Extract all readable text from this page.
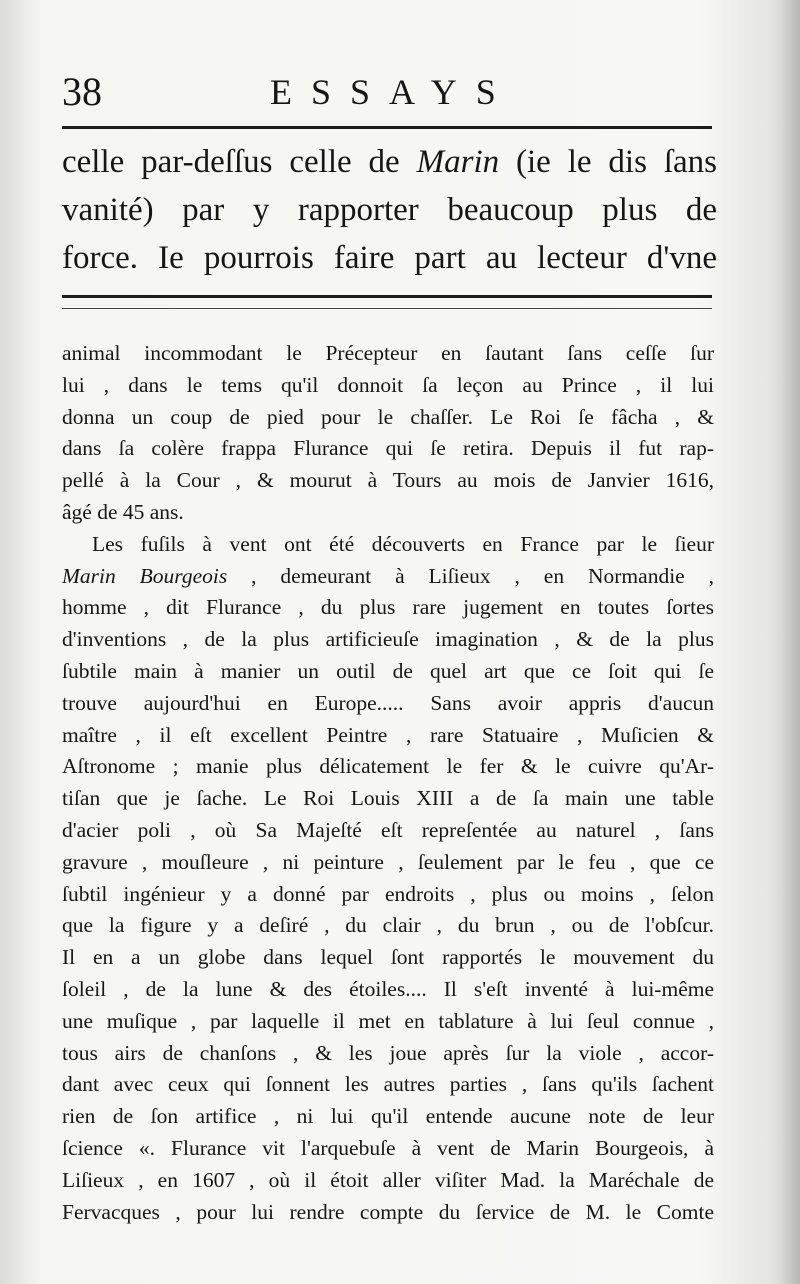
38	ESSAYS
celle par-deſſus celle de Marin (ie le dis ſans
vanité) par y rapporter beaucoup plus de
force. Ie pourrois faire part au lecteur d'vne
animal incommodant le Précepteur en ſautant ſans ceſſe ſur
lui , dans le tems qu'il donnoit ſa leçon au Prince , il lui
donna un coup de pied pour le chaſſer. Le Roi ſe fâcha , &
dans ſa colère frappa Flurance qui ſe retira. Depuis il fut rap-
pellé à la Cour , & mourut à Tours au mois de Janvier 1616,
âgé de 45 ans.
Les fuſils à vent ont été découverts en France par le ſieur
Marin Bourgeois , demeurant à Liſieux , en Normandie ,
homme , dit Flurance , du plus rare jugement en toutes ſortes
d'inventions , de la plus artificieuſe imagination , & de la plus
ſubtile main à manier un outil de quel art que ce ſoit qui ſe
trouve aujourd'hui en Europe..... Sans avoir appris d'aucun
maître , il eſt excellent Peintre , rare Statuaire , Muſicien &
Aſtronome ; manie plus délicatement le fer & le cuivre qu'Ar-
tiſan que je ſache. Le Roi Louis XIII a de ſa main une table
d'acier poli , où Sa Majeſté eſt repreſentée au naturel , ſans
gravure , mouſleure , ni peinture , ſeulement par le feu , que ce
ſubtil ingénieur y a donné par endroits , plus ou moins , ſelon
que la figure y a deſiré , du clair , du brun , ou de l'obſcur.
Il en a un globe dans lequel ſont rapportés le mouvement du
ſoleil , de la lune & des étoiles.... Il s'eſt inventé à lui-même
une muſique , par laquelle il met en tablature à lui ſeul connue ,
tous airs de chanſons , & les joue après ſur la viole , accor-
dant avec ceux qui ſonnent les autres parties , ſans qu'ils ſachent
rien de ſon artifice , ni lui qu'il entende aucune note de leur
ſcience «. Flurance vit l'arquebuſe à vent de Marin Bourgeois, à
Liſieux , en 1607 , où il étoit aller viſiter Mad. la Maréchale de
Fervacques , pour lui rendre compte du ſervice de M. le Comte
